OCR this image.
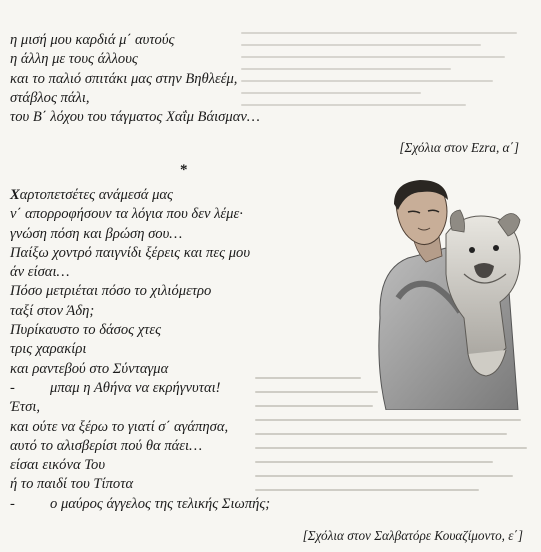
η μισή μου καρδιά μ΄ αυτούς
η άλλη με τους άλλους
και το παλιό σπιτάκι μας στην Βηθλεέμ,
στάβλος πάλι,
του Β΄ λόχου του τάγματος Χαΐμ Βάισμαν…
[Σχόλια στον Ezra, α΄]
*
Χαρτοπετσέτες ανάμεσά μας
ν΄ απορροφήσουν τα λόγια που δεν λέμε·
γνώση πόση και βρώση σου…
Παίξω χοντρό παιγνίδι ξέρεις και πες μου
άν είσαι…
Πόσο μετριέται πόσο το χιλιόμετρο
ταξί στον Άδη;
Πυρίκαυστο το δάσος χτες
τρις χαρακίρι
και ραντεβού στο Σύνταγμα
- μπαμ η Αθήνα να εκρήγνυται!
Έτσι,
και ούτε να ξέρω το γιατί σ΄ αγάπησα,
αυτό το αλισβερίσι πού θα πάει…
είσαι εικόνα Του
ή το παιδί του Τίποτα
- ο μαύρος άγγελος της τελικής Σιωπής;
[Σχόλια στον Σαλβατόρε Κουαζίμοντο, ε΄]
